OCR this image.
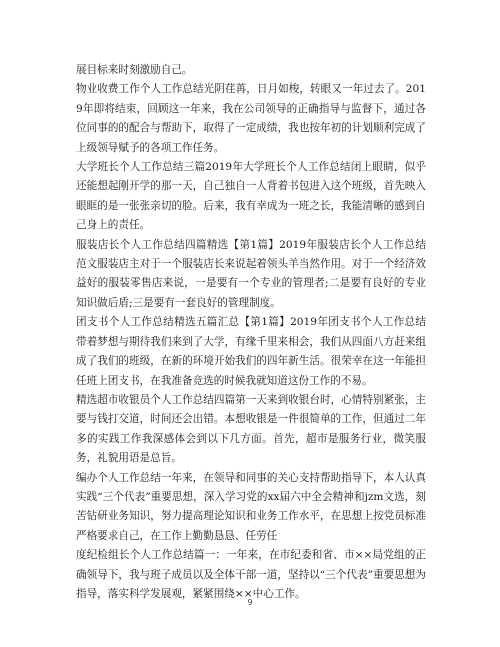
展目标来时刻激励自己。

物业收费工作个人工作总结光阴荏苒，日月如梭，转眼又一年过去了。2019年即将结束，回顾这一年来，我在公司领导的正确指导与监督下，通过各位同事的的配合与帮助下，取得了一定成绩，我也按年初的计划顺利完成了上级领导赋予的各项工作任务。

大学班长个人工作总结三篇2019年大学班长个人工作总结闭上眼睛，似乎还能想起刚开学的那一天，自己独自一人背着书包进入这个班级，首先映入眼眶的是一张张亲切的脸。后来，我有幸成为一班之长，我能清晰的感到自己身上的责任。

服装店长个人工作总结四篇精选【第1篇】2019年服装店长个人工作总结范文服装店主对于一个服装店长来说起着领头羊当然作用。对于一个经济效益好的服装零售店来说，一是要有一个专业的管理者;二是要有良好的专业知识做后盾;三是要有一套良好的管理制度。

团支书个人工作总结精选五篇汇总【第1篇】2019年团支书个人工作总结带着梦想与期待我们来到了大学，有缘千里来相会，我们从四面八方赶来组成了我们的班级，在新的环境开始我们的四年新生活。很荣幸在这一年能担任班上团支书，在我准备竞选的时候我就知道这份工作的不易。

精选超市收银员个人工作总结四篇第一天来到收银台时，心情特别紧张，主要与钱打交道，时间还会出错。本想收银是一件很简单的工作，但通过二年多的实践工作我深感体会到以下几方面。首先，超市是服务行业，微笑服务，礼貌用语是总旨。

编办个人工作总结一年来，在领导和同事的关心支持帮助指导下，本人认真实践“三个代表”重要思想，深入学习党的xx届六中全会精神和jzm文选，刻苦钻研业务知识，努力提高理论知识和业务工作水平，在思想上按党员标准严格要求自己，在工作上勤勤恳恳、任劳任

度纪检组长个人工作总结篇一：一年来，在市纪委和省、市××局党组的正确领导下，我与班子成员以及全体干部一道，坚持以“三个代表”重要思想为指导，落实科学发展观，紧紧围绕××中心工作。

9
